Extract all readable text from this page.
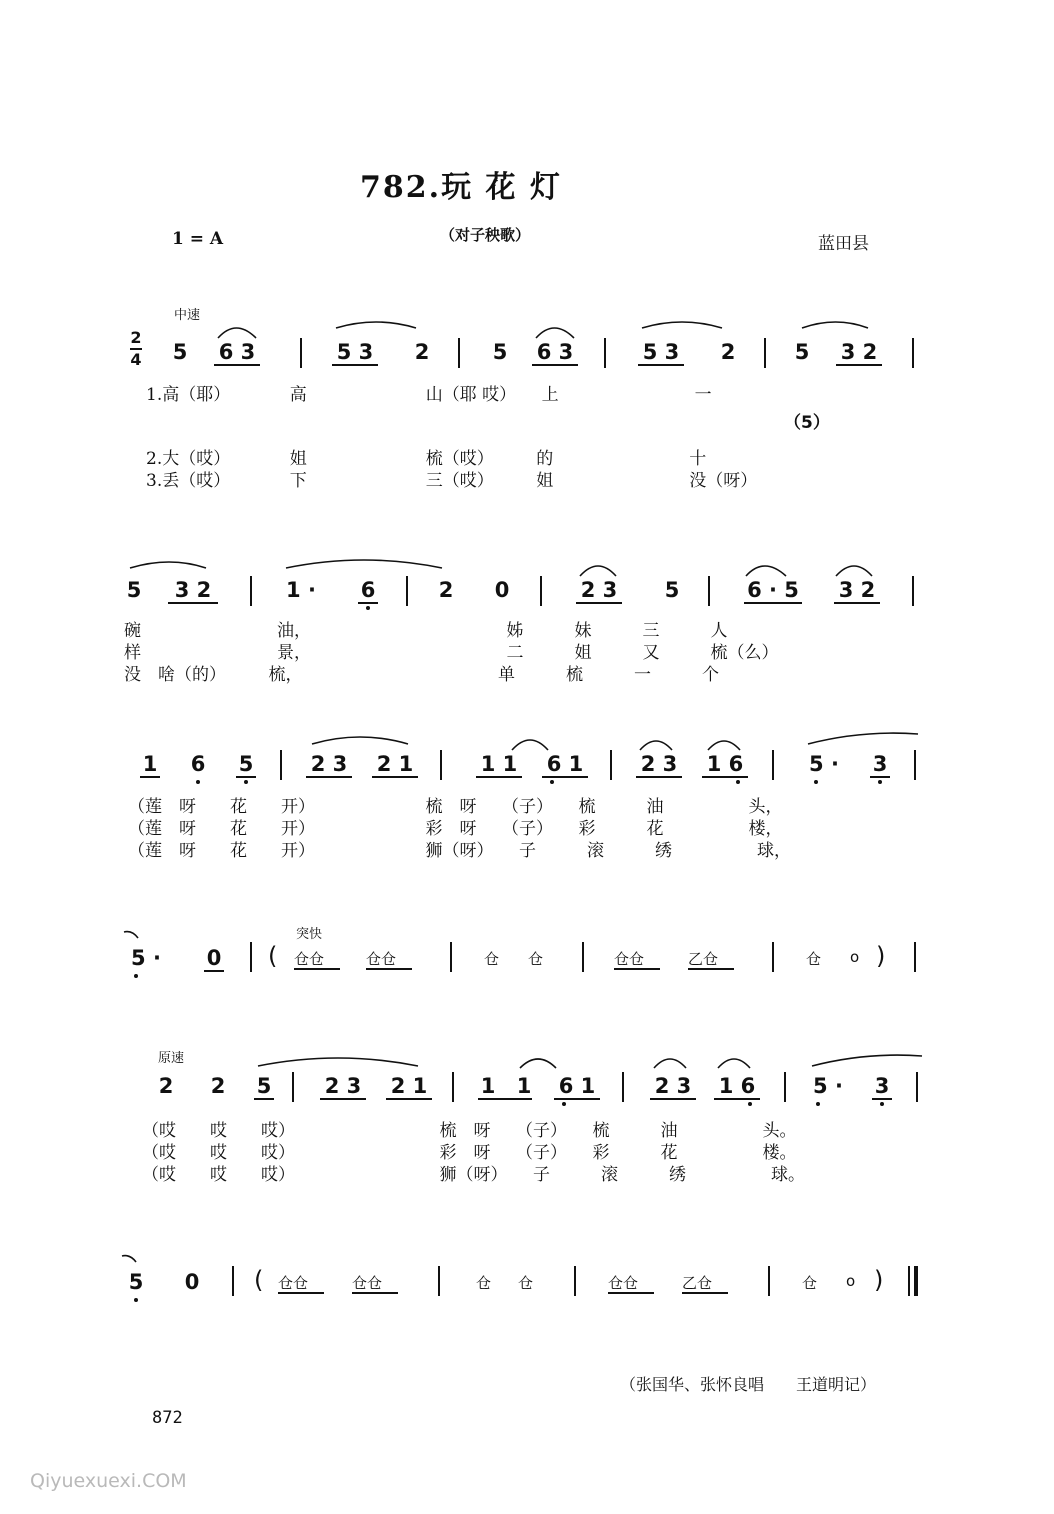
782.玩 花 灯
1 = A	（对子秧歌）	蓝田县
中速
突快
原速
2
4	5	6 3	5 3	2	5	6 3	5 3	2	5	3 2
1.高（耶）　　　　高　　　　　　　山（耶 哎）　　上　　　　　　　　一
（5）
2.大（哎）　　　　姐　　　　　　　梳（哎）　　　的　　　　　　　　十
3.丢（哎）　　　　下　　　　　　　三（哎）　　　姐　　　　　　　　没（呀）
5	3 2	1 ·	6	2 0	2 3	5	6 · 5	3 2
碗　　　　　　　　油，　　　　　　　　　　　　姊　　　妹　　　三　　　人
样　　　　　　　　景，　　　　　　　　　　　　二　　　姐　　　又　　　梳（么）
没　啥（的）　　　梳，　　　　　　　　　　　　单　　　梳　　　一　　　个
1 6 5	2 3	2 1	1 1	6 1	2 3	1 6	5 · 3
（莲　呀　　花　　开）　　　　　　　梳　呀　　（子）　　梳　　　油　　　　　头，
（莲　呀　　花　　开）　　　　　　　彩　呀　　（子）　　彩　　　花　　　　　楼，
（莲　呀　　花　　开）　　　　　　　狮（呀）　　子　　　滚　　　绣　　　　　球，
5 · 0 ( 仓仓	仓仓	仓 仓	仓仓	乙仓	仓 o )
2 2 5	2 3	2 1	1 1	6 1	2 3	1 6	5 · 3
（哎　　哎　　哎）　　　　　　　　　梳　呀　　（子）　　梳　　　油　　　　　头。
（哎　　哎　　哎）　　　　　　　　　彩　呀　　（子）　　彩　　　花　　　　　楼。
（哎　　哎　　哎）　　　　　　　　　狮（呀）　　子　　　滚　　　绣　　　　　球。
5 0 ( 仓仓	仓仓	仓 仓	仓仓	乙仓	仓 o )
（张国华、张怀良唱　　王道明记）
872
Qiyuexuexi.COM
